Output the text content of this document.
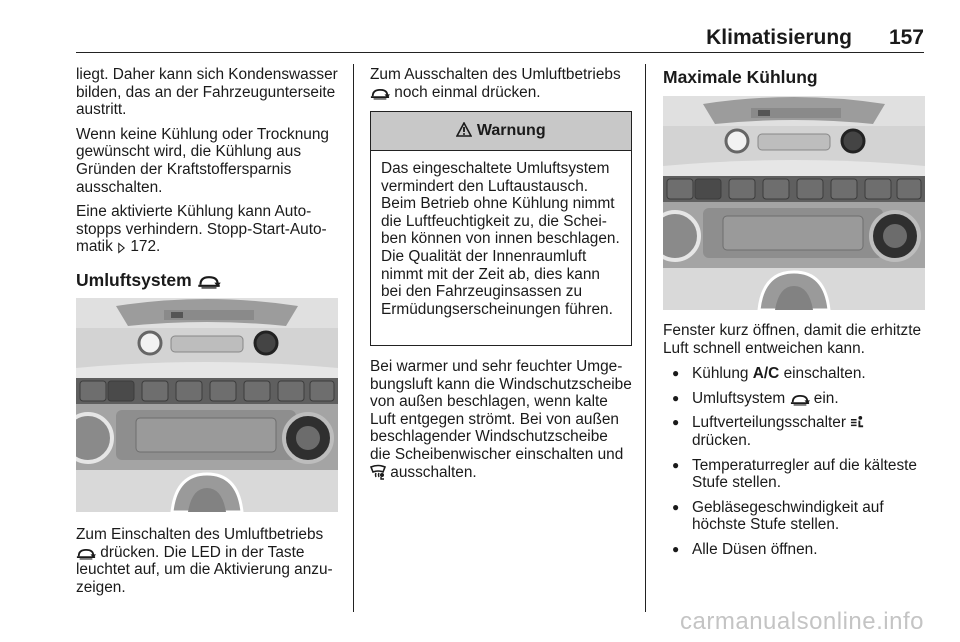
Klimatisierung 157

liegt. Daher kann sich Kondenswasser bilden, das an der Fahrzeugunterseite austritt.

Wenn keine Kühlung oder Trocknung gewünscht wird, die Kühlung aus Gründen der Kraftstoffersparnis ausschalten.

Eine aktivierte Kühlung kann Autostopps verhindern. Stopp-Start-Automatik 172.

Umluftsystem

Zum Einschalten des Umluftbetriebs  drücken. Die LED in der Taste leuchtet auf, um die Aktivierung anzuzeigen.

Zum Ausschalten des Umluftbetriebs  noch einmal drücken.

Warnung
Das eingeschaltete Umluftsystem vermindert den Luftaustausch. Beim Betrieb ohne Kühlung nimmt die Luftfeuchtigkeit zu, die Scheiben können von innen beschlagen. Die Qualität der Innenraumluft nimmt mit der Zeit ab, dies kann bei den Fahrzeuginsassen zu Ermüdungserscheinungen führen.

Bei warmer und sehr feuchter Umgebungsluft kann die Windschutzscheibe von außen beschlagen, wenn kalte Luft entgegen strömt. Bei von außen beschlagender Windschutzscheibe die Scheibenwischer einschalten und  ausschalten.

Maximale Kühlung

Fenster kurz öffnen, damit die erhitzte Luft schnell entweichen kann.

● Kühlung A/C einschalten.
● Umluftsystem ein.
● Luftverteilungsschalter  drücken.
● Temperaturregler auf die kälteste Stufe stellen.
● Gebläsegeschwindigkeit auf höchste Stufe stellen.
● Alle Düsen öffnen.
carmanualsonline.info
